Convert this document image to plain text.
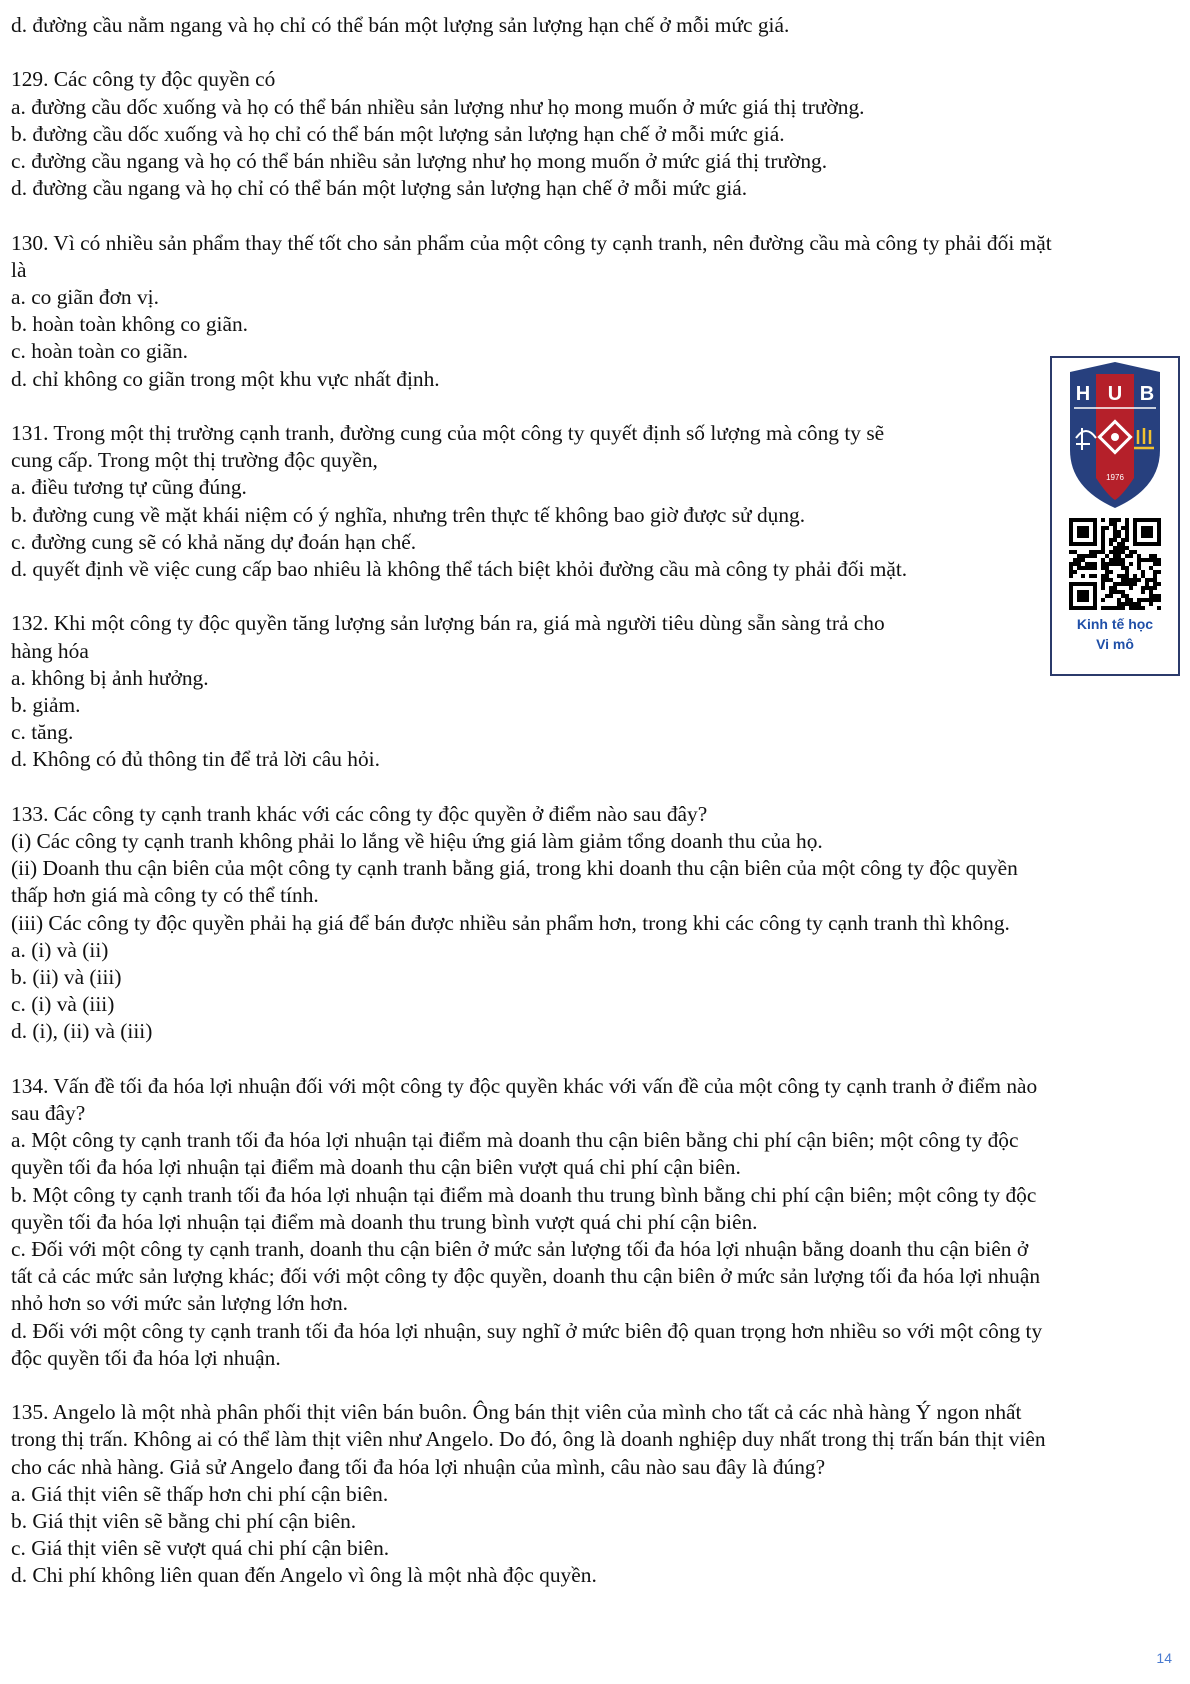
d. đường cầu nằm ngang và họ chỉ có thể bán một lượng sản lượng hạn chế ở mỗi mức giá.
129. Các công ty độc quyền có
a. đường cầu dốc xuống và họ có thể bán nhiều sản lượng như họ mong muốn ở mức giá thị trường.
b. đường cầu dốc xuống và họ chỉ có thể bán một lượng sản lượng hạn chế ở mỗi mức giá.
c. đường cầu ngang và họ có thể bán nhiều sản lượng như họ mong muốn ở mức giá thị trường.
d. đường cầu ngang và họ chỉ có thể bán một lượng sản lượng hạn chế ở mỗi mức giá.
130. Vì có nhiều sản phẩm thay thế tốt cho sản phẩm của một công ty cạnh tranh, nên đường cầu mà công ty phải đối mặt
là
a. co giãn đơn vị.
b. hoàn toàn không co giãn.
c. hoàn toàn co giãn.
d. chỉ không co giãn trong một khu vực nhất định.
131. Trong một thị trường cạnh tranh, đường cung của một công ty quyết định số lượng mà công ty sẽ
cung cấp. Trong một thị trường độc quyền,
a. điều tương tự cũng đúng.
b. đường cung về mặt khái niệm có ý nghĩa, nhưng trên thực tế không bao giờ được sử dụng.
c. đường cung sẽ có khả năng dự đoán hạn chế.
d. quyết định về việc cung cấp bao nhiêu là không thể tách biệt khỏi đường cầu mà công ty phải đối mặt.
132. Khi một công ty độc quyền tăng lượng sản lượng bán ra, giá mà người tiêu dùng sẵn sàng trả cho
hàng hóa
a. không bị ảnh hưởng.
b. giảm.
c. tăng.
d. Không có đủ thông tin để trả lời câu hỏi.
133. Các công ty cạnh tranh khác với các công ty độc quyền ở điểm nào sau đây?
(i) Các công ty cạnh tranh không phải lo lắng về hiệu ứng giá làm giảm tổng doanh thu của họ.
(ii) Doanh thu cận biên của một công ty cạnh tranh bằng giá, trong khi doanh thu cận biên của một công ty độc quyền
thấp hơn giá mà công ty có thể tính.
(iii) Các công ty độc quyền phải hạ giá để bán được nhiều sản phẩm hơn, trong khi các công ty cạnh tranh thì không.
a. (i) và (ii)
b. (ii) và (iii)
c. (i) và (iii)
d. (i), (ii) và (iii)
134. Vấn đề tối đa hóa lợi nhuận đối với một công ty độc quyền khác với vấn đề của một công ty cạnh tranh ở điểm nào
sau đây?
a. Một công ty cạnh tranh tối đa hóa lợi nhuận tại điểm mà doanh thu cận biên bằng chi phí cận biên; một công ty độc
quyền tối đa hóa lợi nhuận tại điểm mà doanh thu cận biên vượt quá chi phí cận biên.
b. Một công ty cạnh tranh tối đa hóa lợi nhuận tại điểm mà doanh thu trung bình bằng chi phí cận biên; một công ty độc
quyền tối đa hóa lợi nhuận tại điểm mà doanh thu trung bình vượt quá chi phí cận biên.
c. Đối với một công ty cạnh tranh, doanh thu cận biên ở mức sản lượng tối đa hóa lợi nhuận bằng doanh thu cận biên ở
tất cả các mức sản lượng khác; đối với một công ty độc quyền, doanh thu cận biên ở mức sản lượng tối đa hóa lợi nhuận
nhỏ hơn so với mức sản lượng lớn hơn.
d. Đối với một công ty cạnh tranh tối đa hóa lợi nhuận, suy nghĩ ở mức biên độ quan trọng hơn nhiều so với một công ty
độc quyền tối đa hóa lợi nhuận.
135. Angelo là một nhà phân phối thịt viên bán buôn. Ông bán thịt viên của mình cho tất cả các nhà hàng Ý ngon nhất
trong thị trấn. Không ai có thể làm thịt viên như Angelo. Do đó, ông là doanh nghiệp duy nhất trong thị trấn bán thịt viên
cho các nhà hàng. Giả sử Angelo đang tối đa hóa lợi nhuận của mình, câu nào sau đây là đúng?
a. Giá thịt viên sẽ thấp hơn chi phí cận biên.
b. Giá thịt viên sẽ bằng chi phí cận biên.
c. Giá thịt viên sẽ vượt quá chi phí cận biên.
d. Chi phí không liên quan đến Angelo vì ông là một nhà độc quyền.
H U B
1976
Kinh tế học
Vi mô
14
